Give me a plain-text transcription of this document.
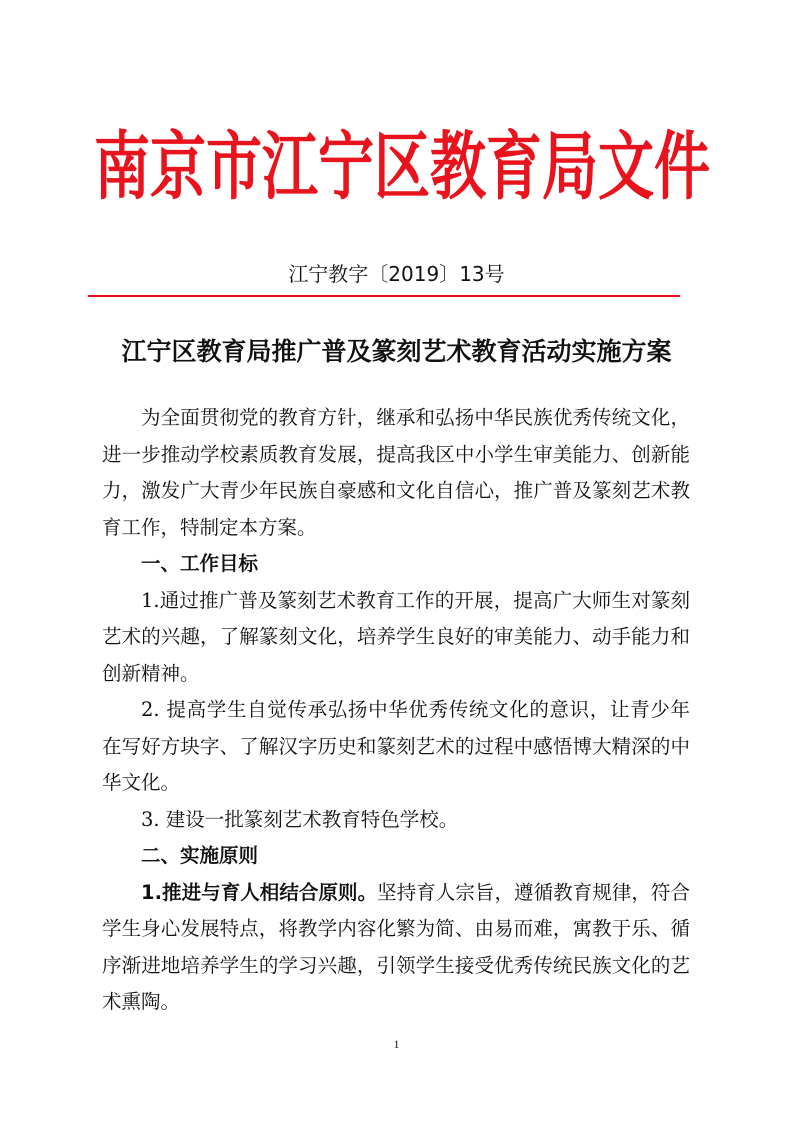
南京市江宁区教育局文件

江宁教字〔2019〕13号

江宁区教育局推广普及篆刻艺术教育活动实施方案

为全面贯彻党的教育方针，继承和弘扬中华民族优秀传统文化，进一步推动学校素质教育发展，提高我区中小学生审美能力、创新能力，激发广大青少年民族自豪感和文化自信心，推广普及篆刻艺术教育工作，特制定本方案。

一、工作目标

1.通过推广普及篆刻艺术教育工作的开展，提高广大师生对篆刻艺术的兴趣，了解篆刻文化，培养学生良好的审美能力、动手能力和创新精神。

2. 提高学生自觉传承弘扬中华优秀传统文化的意识，让青少年在写好方块字、了解汉字历史和篆刻艺术的过程中感悟博大精深的中华文化。

3. 建设一批篆刻艺术教育特色学校。

二、实施原则

1.推进与育人相结合原则。坚持育人宗旨，遵循教育规律，符合学生身心发展特点，将教学内容化繁为简、由易而难，寓教于乐、循序渐进地培养学生的学习兴趣，引领学生接受优秀传统民族文化的艺术熏陶。

1
